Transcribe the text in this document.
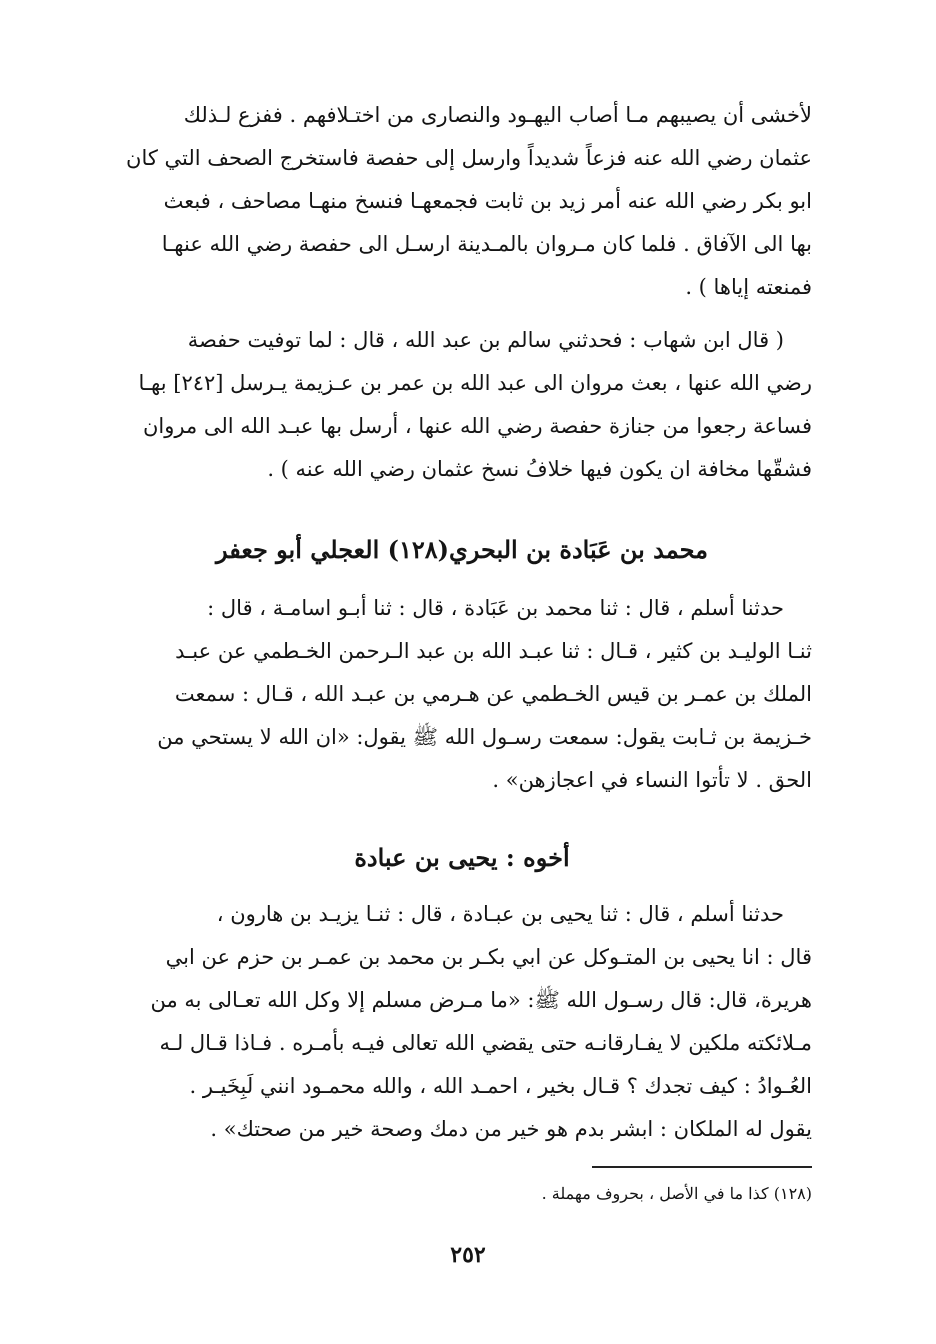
لأخشى أن يصيبهم مـا أصاب اليهـود والنصارى من اختـلافهم . ففزع لـذلك
عثمان رضي الله عنه فزعاً شديداً وارسل إلى حفصة فاستخرج الصحف التي كان
ابو بكر رضي الله عنه أمر زيد بن ثابت فجمعهـا فنسخ منهـا مصاحف ، فبعث
بها الى الآفاق . فلما كان مـروان بالمـدينة ارسـل الى حفصة رضي الله عنهـا
فمنعته إياها ) .
( قال ابن شهاب : فحدثني سالم بن عبد الله ، قال : لما توفيت حفصة
رضي الله عنها ، بعث مروان الى عبد الله بن عمر بن عـزيمة يـرسل [٢٤٢] بهـا
فساعة رجعوا من جنازة حفصة رضي الله عنها ، أرسل بها عبـد الله الى مروان
فشقّها مخافة ان يكون فيها خلافُ نسخ عثمان رضي الله عنه ) .
محمد بن عَبَادة بن البحري(١٢٨) العجلي أبو جعفر
حدثنا أسلم ، قال : ثنا محمد بن عَبَادة ، قال : ثنا أبـو اسامـة ، قال :
ثنـا الوليـد بن كثير ، قـال : ثنا عبـد الله بن عبد الـرحمن الخـطمي عن عبـد
الملك بن عمـر بن قيس الخـطمي عن هـرمي بن عبـد الله ، قـال : سمعت
خـزيمة بن ثـابت يقول: سمعت رسـول الله ﷺ يقول: «ان الله لا يستحي من
الحق . لا تأتوا النساء في اعجازهن» .
أخوه : يحيى بن عبادة
حدثنا أسلم ، قال : ثنا يحيى بن عبـادة ، قال : ثنـا يزيـد بن هارون ،
قال : انا يحيى بن المتـوكل عن ابي بكـر بن محمد بن عمـر بن حزم عن ابي
هريرة، قال: قال رسـول الله ﷺ: «ما مـرض مسلم إلا وكل الله تعـالى به من
مـلائكته ملكين لا يفـارقانـه حتى يقضي الله تعالى فيـه بأمـره . فـاذا قـال لـه
العُـوادُ : كيف تجدك ؟ قـال بخير ، احمـد الله ، والله محمـود انني لَبِخَيـر .
يقول له الملكان : ابشر بدم هو خير من دمك وصحة خير من صحتك» .
(١٢٨) كذا ما في الأصل ، بحروف مهملة .
٢٥٢
